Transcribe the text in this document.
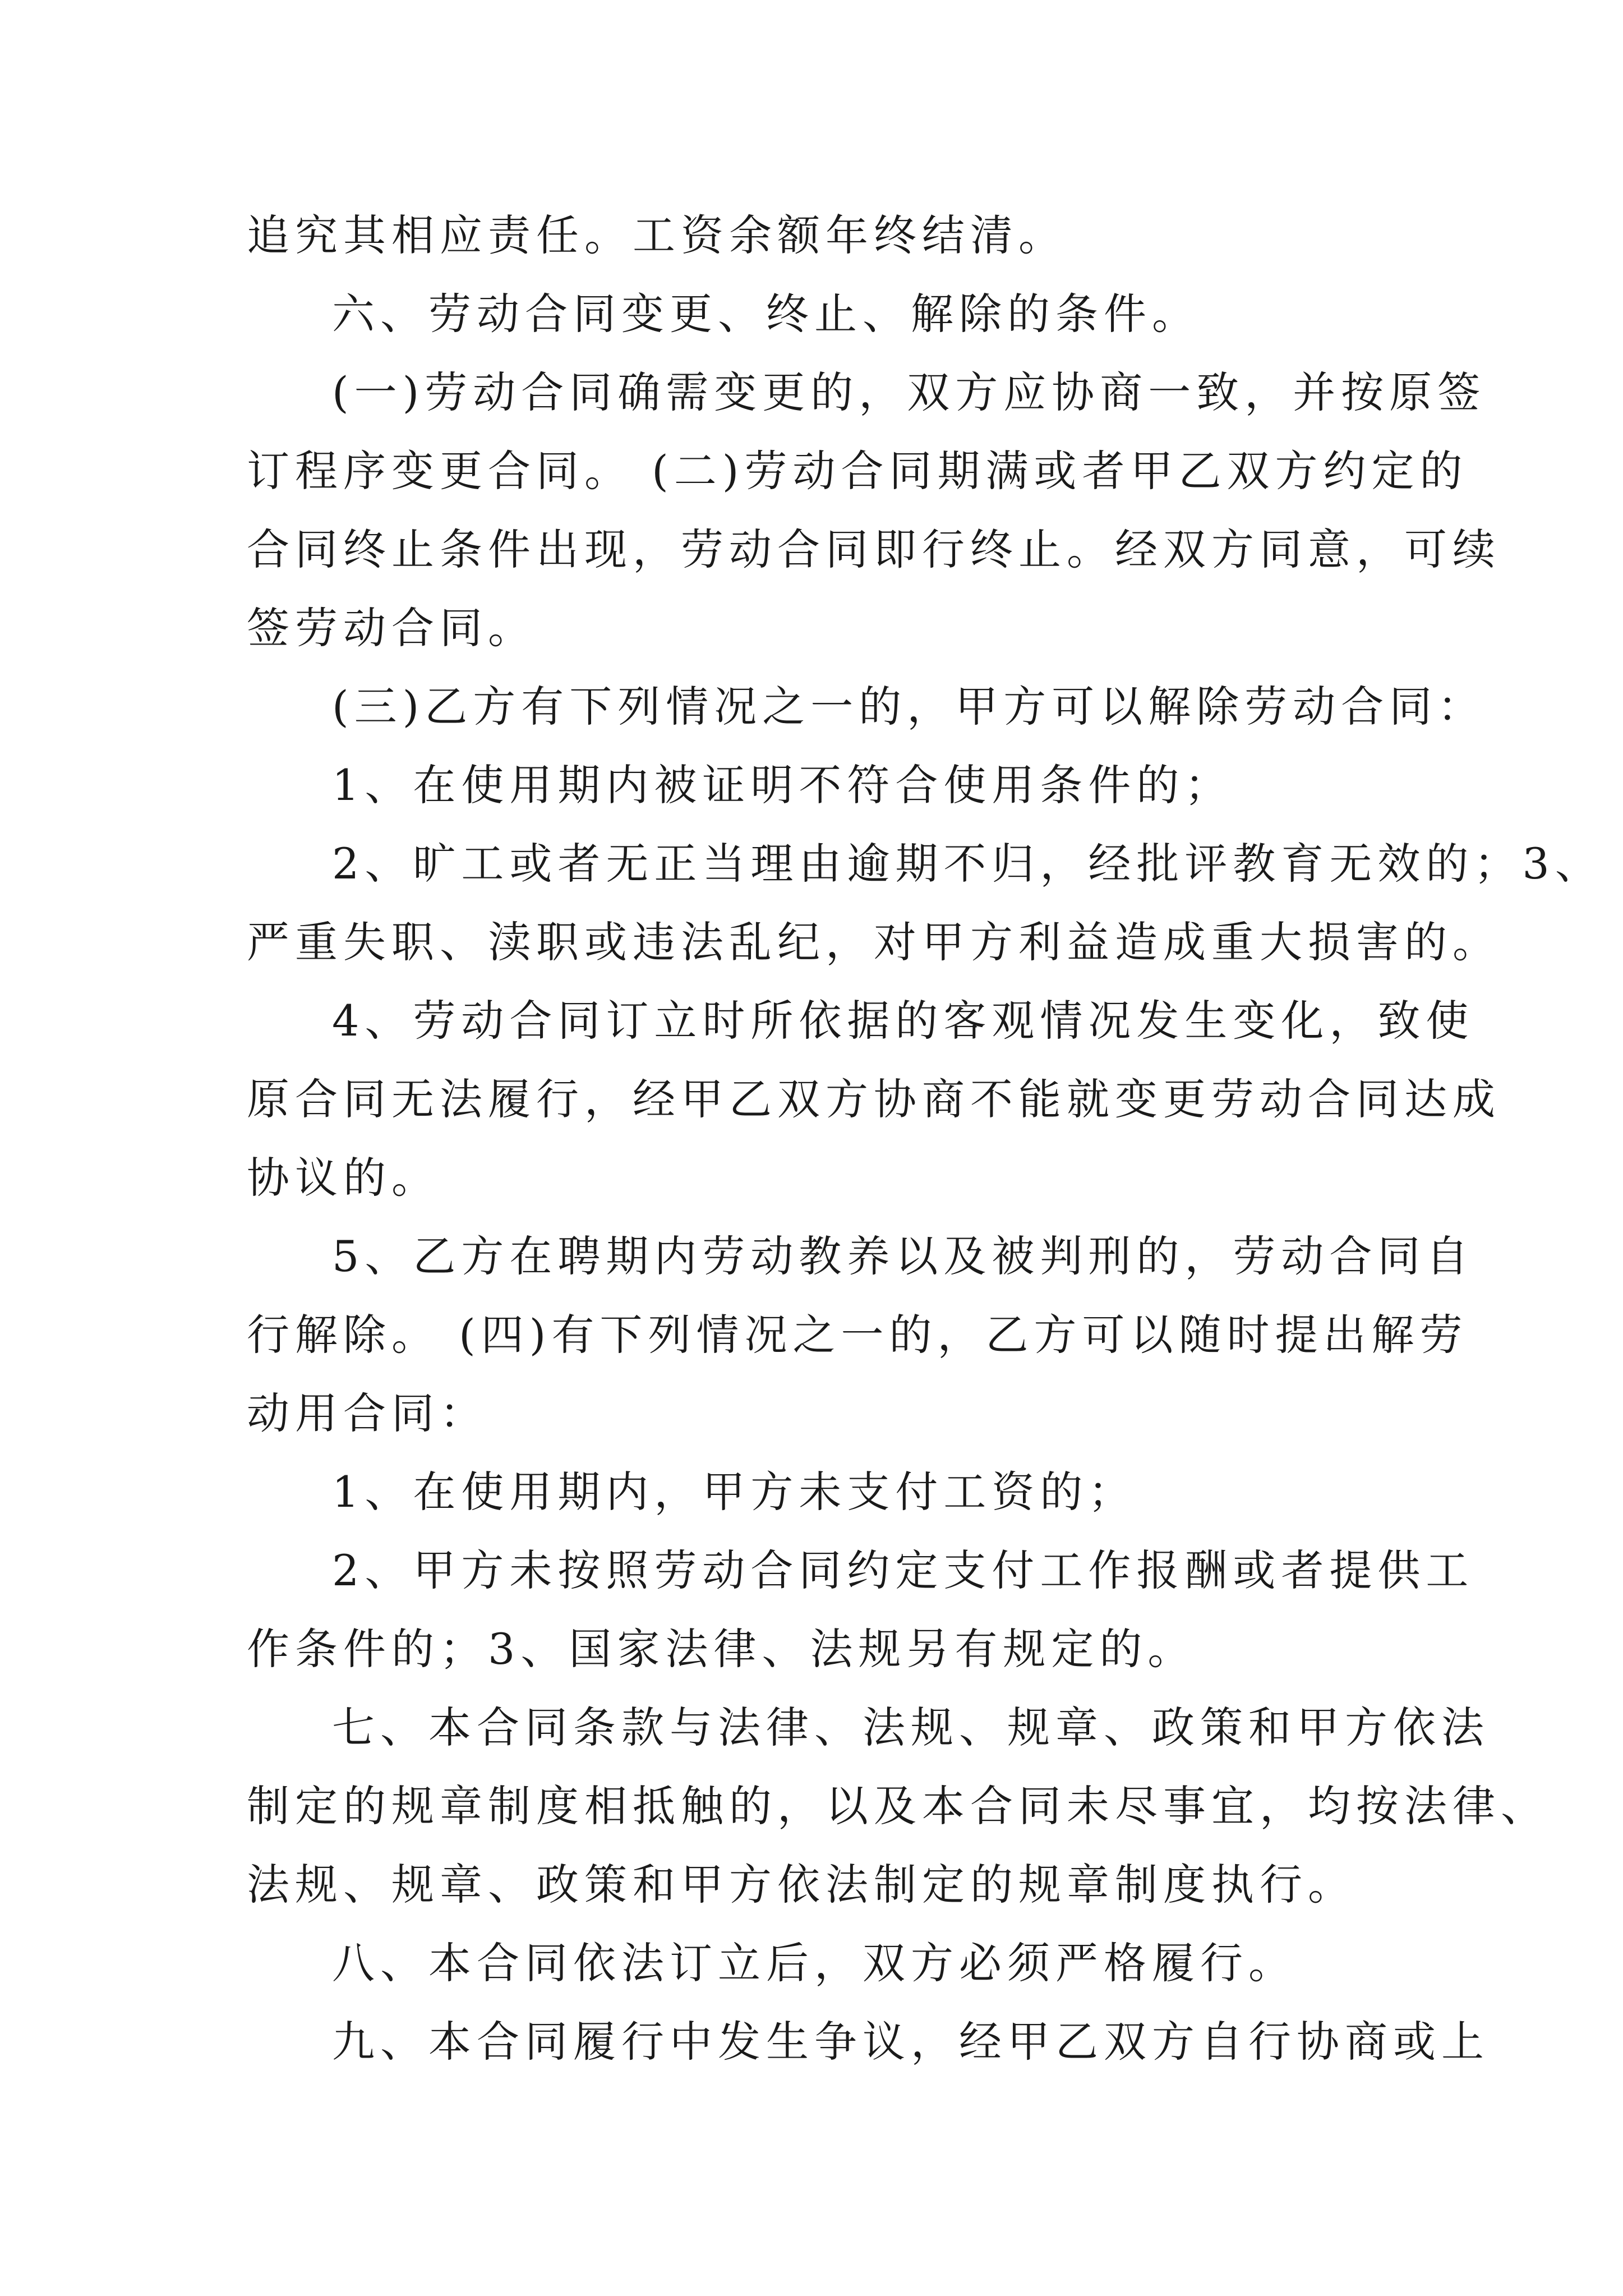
追究其相应责任。工资余额年终结清。
六、劳动合同变更、终止、解除的条件。
(一)劳动合同确需变更的，双方应协商一致，并按原签
订程序变更合同。 (二)劳动合同期满或者甲乙双方约定的
合同终止条件出现，劳动合同即行终止。经双方同意，可续
签劳动合同。
(三)乙方有下列情况之一的，甲方可以解除劳动合同：
1、在使用期内被证明不符合使用条件的；
2、旷工或者无正当理由逾期不归，经批评教育无效的；3、
严重失职、渎职或违法乱纪，对甲方利益造成重大损害的。
4、劳动合同订立时所依据的客观情况发生变化，致使
原合同无法履行，经甲乙双方协商不能就变更劳动合同达成
协议的。
5、乙方在聘期内劳动教养以及被判刑的，劳动合同自
行解除。 (四)有下列情况之一的，乙方可以随时提出解劳
动用合同：
1、在使用期内，甲方未支付工资的；
2、甲方未按照劳动合同约定支付工作报酬或者提供工
作条件的；3、国家法律、法规另有规定的。
七、本合同条款与法律、法规、规章、政策和甲方依法
制定的规章制度相抵触的，以及本合同未尽事宜，均按法律、
法规、规章、政策和甲方依法制定的规章制度执行。
八、本合同依法订立后，双方必须严格履行。
九、本合同履行中发生争议，经甲乙双方自行协商或上
